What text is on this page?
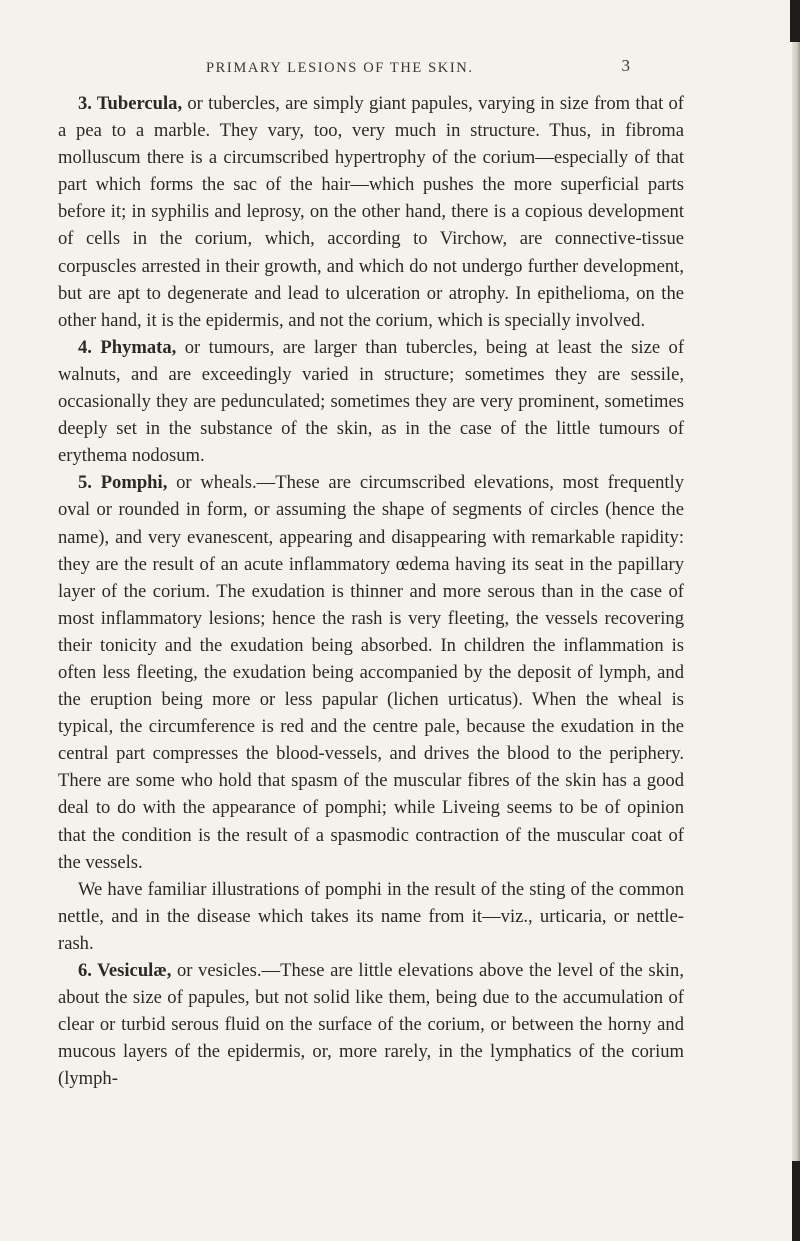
PRIMARY LESIONS OF THE SKIN.	3

3. Tubercula, or tubercles, are simply giant papules, varying in size from that of a pea to a marble. They vary, too, very much in structure. Thus, in fibroma molluscum there is a circumscribed hypertrophy of the corium—especially of that part which forms the sac of the hair—which pushes the more superficial parts before it; in syphilis and leprosy, on the other hand, there is a copious development of cells in the corium, which, according to Virchow, are connective-tissue corpuscles arrested in their growth, and which do not undergo further development, but are apt to degenerate and lead to ulceration or atrophy. In epithelioma, on the other hand, it is the epidermis, and not the corium, which is specially involved.

4. Phymata, or tumours, are larger than tubercles, being at least the size of walnuts, and are exceedingly varied in structure; sometimes they are sessile, occasionally they are pedunculated; sometimes they are very prominent, sometimes deeply set in the substance of the skin, as in the case of the little tumours of erythema nodosum.

5. Pomphi, or wheals.—These are circumscribed elevations, most frequently oval or rounded in form, or assuming the shape of segments of circles (hence the name), and very evanescent, appearing and disappearing with remarkable rapidity: they are the result of an acute inflammatory œdema having its seat in the papillary layer of the corium. The exudation is thinner and more serous than in the case of most inflammatory lesions; hence the rash is very fleeting, the vessels recovering their tonicity and the exudation being absorbed. In children the inflammation is often less fleeting, the exudation being accompanied by the deposit of lymph, and the eruption being more or less papular (lichen urticatus). When the wheal is typical, the circumference is red and the centre pale, because the exudation in the central part compresses the blood-vessels, and drives the blood to the periphery. There are some who hold that spasm of the muscular fibres of the skin has a good deal to do with the appearance of pomphi; while Liveing seems to be of opinion that the condition is the result of a spasmodic contraction of the muscular coat of the vessels.

We have familiar illustrations of pomphi in the result of the sting of the common nettle, and in the disease which takes its name from it—viz., urticaria, or nettle-rash.

6. Vesiculæ, or vesicles.—These are little elevations above the level of the skin, about the size of papules, but not solid like them, being due to the accumulation of clear or turbid serous fluid on the surface of the corium, or between the horny and mucous layers of the epidermis, or, more rarely, in the lymphatics of the corium (lymph-
